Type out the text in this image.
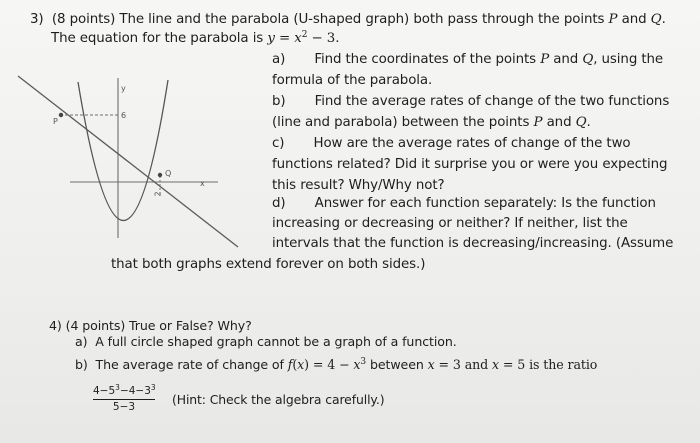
y
x
6
2
P
Q
3) (8 points) The line and the parabola (U-shaped graph) both pass through the points P and Q.
The equation for the parabola is $y = x^2 - 3$.
a) Find the coordinates of the points P and Q, using the
formula of the parabola.
b) Find the average rates of change of the two functions
(line and parabola) between the points P and Q.
c) How are the average rates of change of the two
functions related? Did it surprise you or were you expecting
this result? Why/Why not?
d) Answer for each function separately: Is the function
increasing or decreasing or neither? If neither, list the
intervals that the function is decreasing/increasing. (Assume
that both graphs extend forever on both sides.)
4) (4 points) True or False? Why?
a) A full circle shaped graph cannot be a graph of a function.
b) The average rate of change of $f(x) = 4 - x^3$ between x = 3 and x = 5 is the ratio
$\frac{4-5^3-4-3^3}{5-3}$ (Hint: Check the algebra carefully.)
